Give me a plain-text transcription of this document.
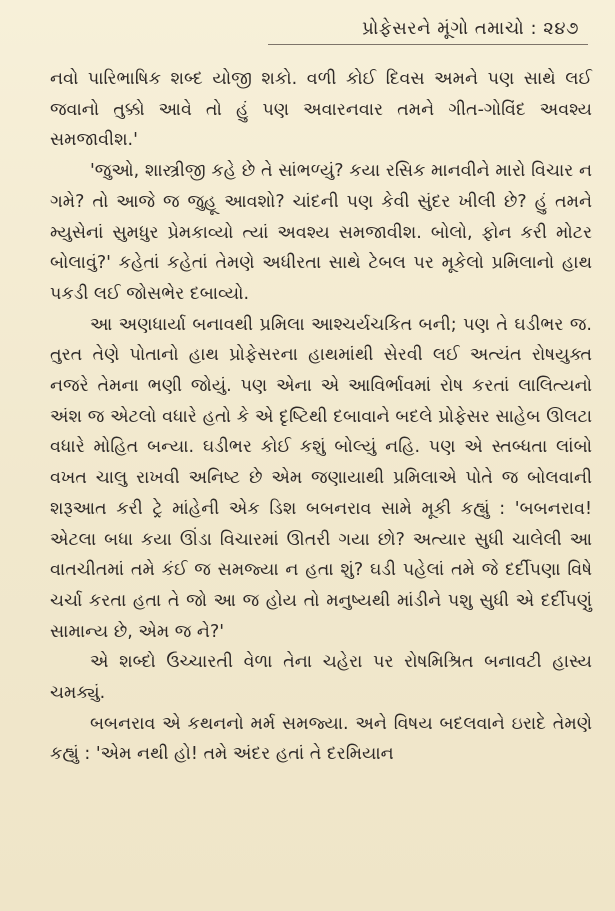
પ્રોફેસરને મૂંગો તમાચો : ૨૪૭

નવો પારિભાષિક શબ્દ યોજી શકો. વળી કોઈ દિવસ અમને પણ સાથે લઈ જવાનો તુક્કો આવે તો હું પણ અવારનવાર તમને ગીત-ગોવિંદ અવશ્ય સમજાવીશ.'

'જુઓ, શાસ્ત્રીજી કહે છે તે સાંભળ્યું? કયા રસિક માનવીને મારો વિચાર ન ગમે? તો આજે જ જુહૂ આવશો? ચાંદની પણ કેવી સુંદર ખીલી છે? હું તમને મ્યુસેનાં સુમધુર પ્રેમકાવ્યો ત્યાં અવશ્ય સમજાવીશ. બોલો, ફોન કરી મોટર બોલાવું?' કહેતાં કહેતાં તેમણે અધીરતા સાથે ટેબલ પર મૂકેલો પ્રમિલાનો હાથ પકડી લઈ જોસભેર દબાવ્યો.

આ અણધાર્યા બનાવથી પ્રમિલા આશ્ચર્યચકિત બની; પણ તે ઘડીભર જ. તુરત તેણે પોતાનો હાથ પ્રોફેસરના હાથમાંથી સેરવી લઈ અત્યંત રોષયુક્ત નજરે તેમના ભણી જોયું. પણ એના એ આવિર્ભાવમાં રોષ કરતાં લાલિત્યનો અંશ જ એટલો વધારે હતો કે એ દૃષ્ટિથી દબાવાને બદલે પ્રોફેસર સાહેબ ઊલટા વધારે મોહિત બન્યા. ઘડીભર કોઈ કશું બોલ્યું નહિ. પણ એ સ્તબ્ધતા લાંબો વખત ચાલુ રાખવી અનિષ્ટ છે એમ જણાયાથી પ્રમિલાએ પોતે જ બોલવાની શરૂઆત કરી ટ્રે માંહેની એક ડિશ બબનરાવ સામે મૂકી કહ્યું : 'બબનરાવ! એટલા બધા કયા ઊંડા વિચારમાં ઊતરી ગયા છો? અત્યાર સુધી ચાલેલી આ વાતચીતમાં તમે કંઈ જ સમજ્યા ન હતા શું? ઘડી પહેલાં તમે જે દર્દીપણા વિષે ચર્ચા કરતા હતા તે જો આ જ હોય તો મનુષ્યથી માંડીને પશુ સુધી એ દર્દીપણું સામાન્ય છે, એમ જ ને?'

એ શબ્દો ઉચ્ચારતી વેળા તેના ચહેરા પર રોષમિશ્રિત બનાવટી હાસ્ય ચમક્યું.

બબનરાવ એ કથનનો મર્મ સમજ્યા. અને વિષય બદલવાને ઇરાદે તેમણે કહ્યું : 'એમ નથી હો! તમે અંદર હતાં તે દરમિયાન
